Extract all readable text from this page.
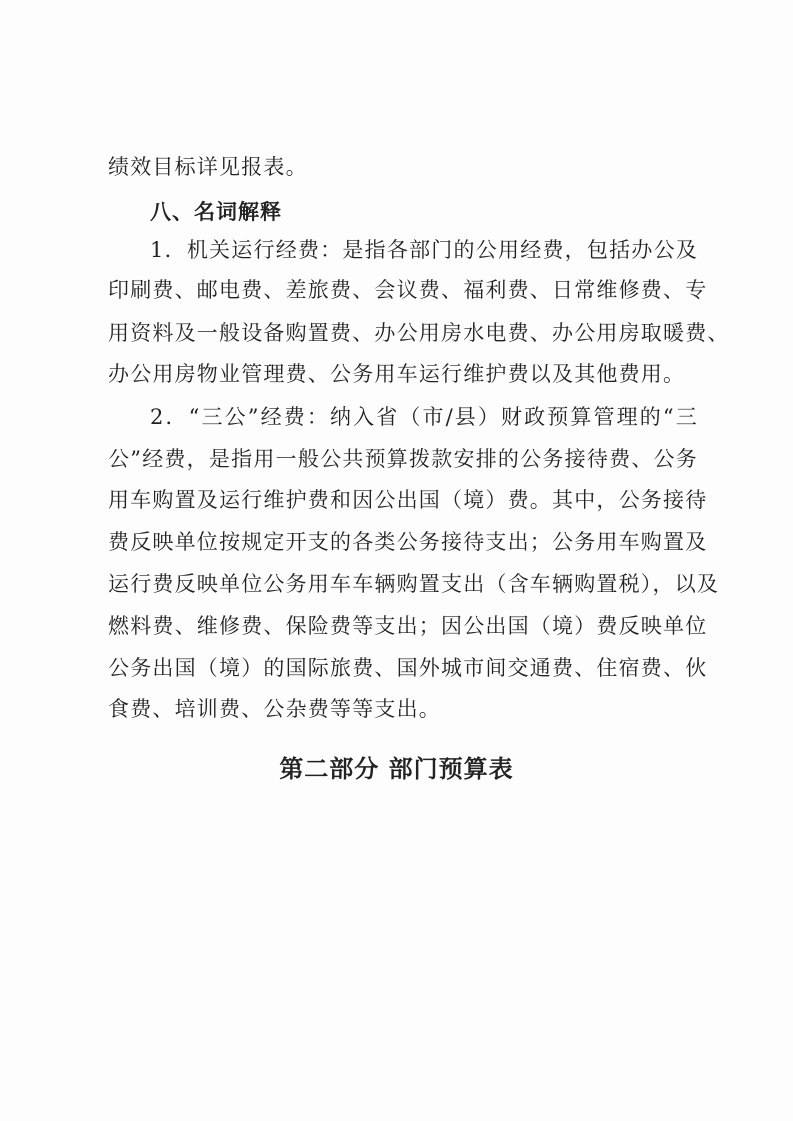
绩效目标详见报表。
八、名词解释
1．机关运行经费：是指各部门的公用经费，包括办公及
印刷费、邮电费、差旅费、会议费、福利费、日常维修费、专
用资料及一般设备购置费、办公用房水电费、办公用房取暖费、
办公用房物业管理费、公务用车运行维护费以及其他费用。
2．“三公”经费：纳入省（市/县）财政预算管理的“三
公”经费，是指用一般公共预算拨款安排的公务接待费、公务
用车购置及运行维护费和因公出国（境）费。其中，公务接待
费反映单位按规定开支的各类公务接待支出；公务用车购置及
运行费反映单位公务用车车辆购置支出（含车辆购置税），以及
燃料费、维修费、保险费等支出；因公出国（境）费反映单位
公务出国（境）的国际旅费、国外城市间交通费、住宿费、伙
食费、培训费、公杂费等等支出。
第二部分 部门预算表
